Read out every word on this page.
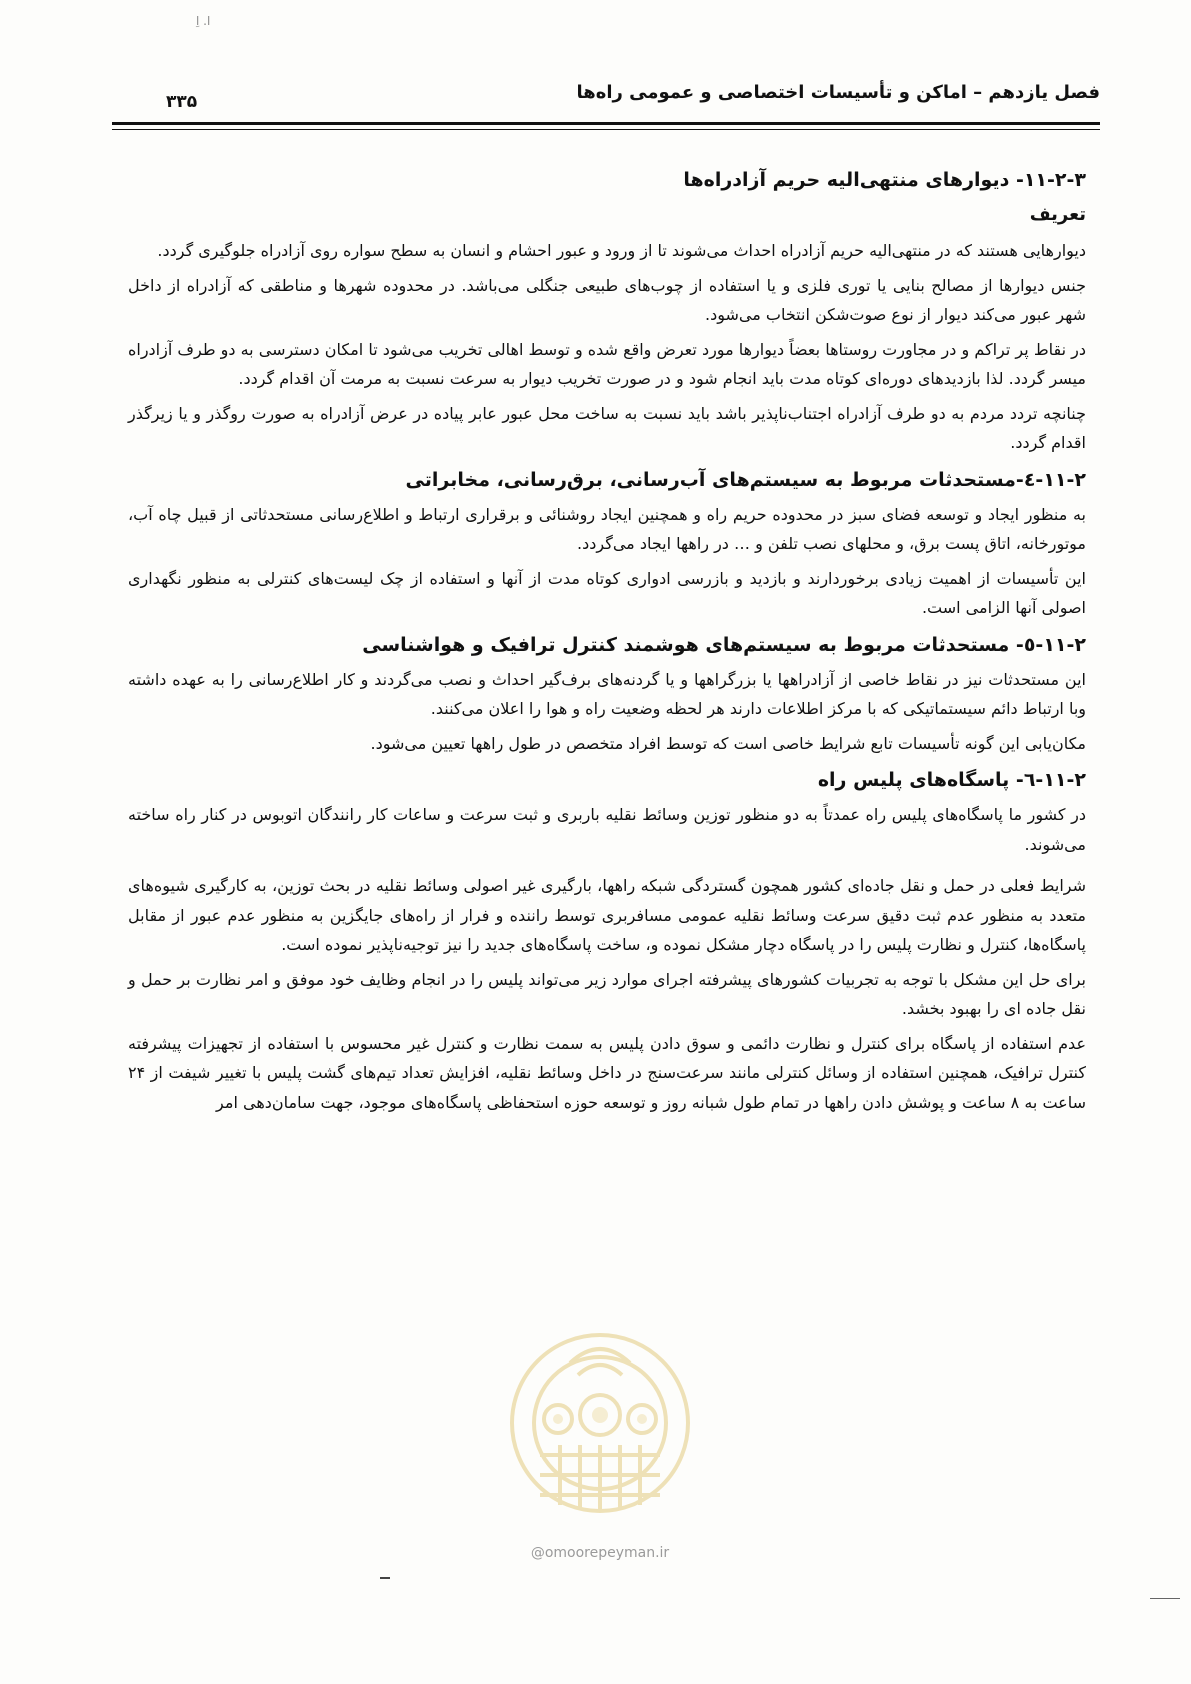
ﺍ. ‌اِ
فصل یازدهم – اماکن و تأسیسات اختصاصی و عمومی راه‌ها
۳۳۵
۱۱-۲-۳- دیوارهای منتهی‌الیه حریم آزادراه‌ها
تعریف

دیوارهایی هستند که در منتهی‌الیه حریم آزادراه احداث می‌شوند تا از ورود و عبور احشام و انسان به سطح سواره روی آزادراه جلوگیری گردد.

جنس دیوارها از مصالح بنایی یا توری فلزی و یا استفاده از چوب‌های طبیعی جنگلی می‌باشد. در محدوده شهرها و مناطقی که آزادراه از داخل شهر عبور می‌کند دیوار از نوع صوت‌شکن انتخاب می‌شود.

در نقاط پر تراکم و در مجاورت روستاها بعضاً دیوارها مورد تعرض واقع شده و توسط اهالی تخریب می‌شود تا امکان دسترسی به دو طرف آزادراه میسر گردد. لذا بازدیدهای دوره‌ای کوتاه مدت باید انجام شود و در صورت تخریب دیوار به سرعت نسبت به مرمت آن اقدام گردد.

چنانچه تردد مردم به دو طرف آزادراه اجتناب‌ناپذیر باشد باید نسبت به ساخت محل عبور عابر پیاده در عرض آزادراه به صورت روگذر و یا زیرگذر اقدام گردد.

۱۱-۲-٤-مستحدثات مربوط به سیستم‌های آب‌رسانی، برق‌رسانی، مخابراتی

به منظور ایجاد و توسعه فضای سبز در محدوده حریم راه و همچنین ایجاد روشنائی و برقراری ارتباط و اطلاع‌رسانی مستحدثاتی از قبیل چاه آب، موتورخانه، اتاق پست برق، و محلهای نصب تلفن و … در راهها ایجاد می‌گردد.

این تأسیسات از اهمیت زیادی برخوردارند و بازدید و بازرسی ادواری کوتاه مدت از آنها و استفاده از چک لیست‌های کنترلی به منظور نگهداری اصولی آنها الزامی است.

۱۱-۲-٥- مستحدثات مربوط به سیستم‌های هوشمند کنترل ترافیک و هواشناسی

این مستحدثات نیز در نقاط خاصی از آزادراهها یا بزرگراهها و یا گردنه‌های برف‌گیر احداث و نصب می‌گردند و کار اطلاع‌رسانی را به عهده داشته وبا ارتباط دائم سیستماتیکی که با مرکز اطلاعات دارند هر لحظه وضعیت راه و هوا را اعلان می‌کنند.

مکان‌یابی این گونه تأسیسات تابع شرایط خاصی است که توسط افراد متخصص در طول راهها تعیین می‌شود.

۱۱-۲-٦- پاسگاه‌های پلیس راه

در کشور ما پاسگاه‌های پلیس راه عمدتاً به دو منظور توزین وسائط نقلیه باربری و ثبت سرعت و ساعات کار رانندگان اتوبوس در کنار راه ساخته می‌شوند.

شرایط فعلی در حمل و نقل جاده‌ای کشور همچون گستردگی شبکه راهها، بارگیری غیر اصولی وسائط نقلیه در بحث توزین، به کارگیری شیوه‌های متعدد به منظور عدم ثبت دقیق سرعت وسائط نقلیه عمومی مسافربری توسط راننده و فرار از راه‌های جایگزین به منظور عدم عبور از مقابل پاسگاه‌ها، کنترل و نظارت پلیس را در پاسگاه دچار مشکل نموده و، ساخت پاسگاه‌های جدید را نیز توجیه‌ناپذیر نموده است.

برای حل این مشکل با توجه به تجربیات کشورهای پیشرفته اجرای موارد زیر می‌تواند پلیس را در انجام وظایف خود موفق و امر نظارت بر حمل و نقل جاده ای را بهبود بخشد.

عدم استفاده از پاسگاه برای کنترل و نظارت دائمی و سوق دادن پلیس به سمت نظارت و کنترل غیر محسوس با استفاده از تجهیزات پیشرفته کنترل ترافیک، همچنین استفاده از وسائل کنترلی مانند سرعت‌سنج در داخل وسائط نقلیه، افزایش تعداد تیم‌های گشت پلیس با تغییر شیفت از ۲۴ ساعت به ۸ ساعت و پوشش دادن راهها در تمام طول شبانه روز و توسعه حوزه استحفاظی پاسگاه‌های موجود، جهت سامان‌دهی امر

@omoorepeyman.ir
